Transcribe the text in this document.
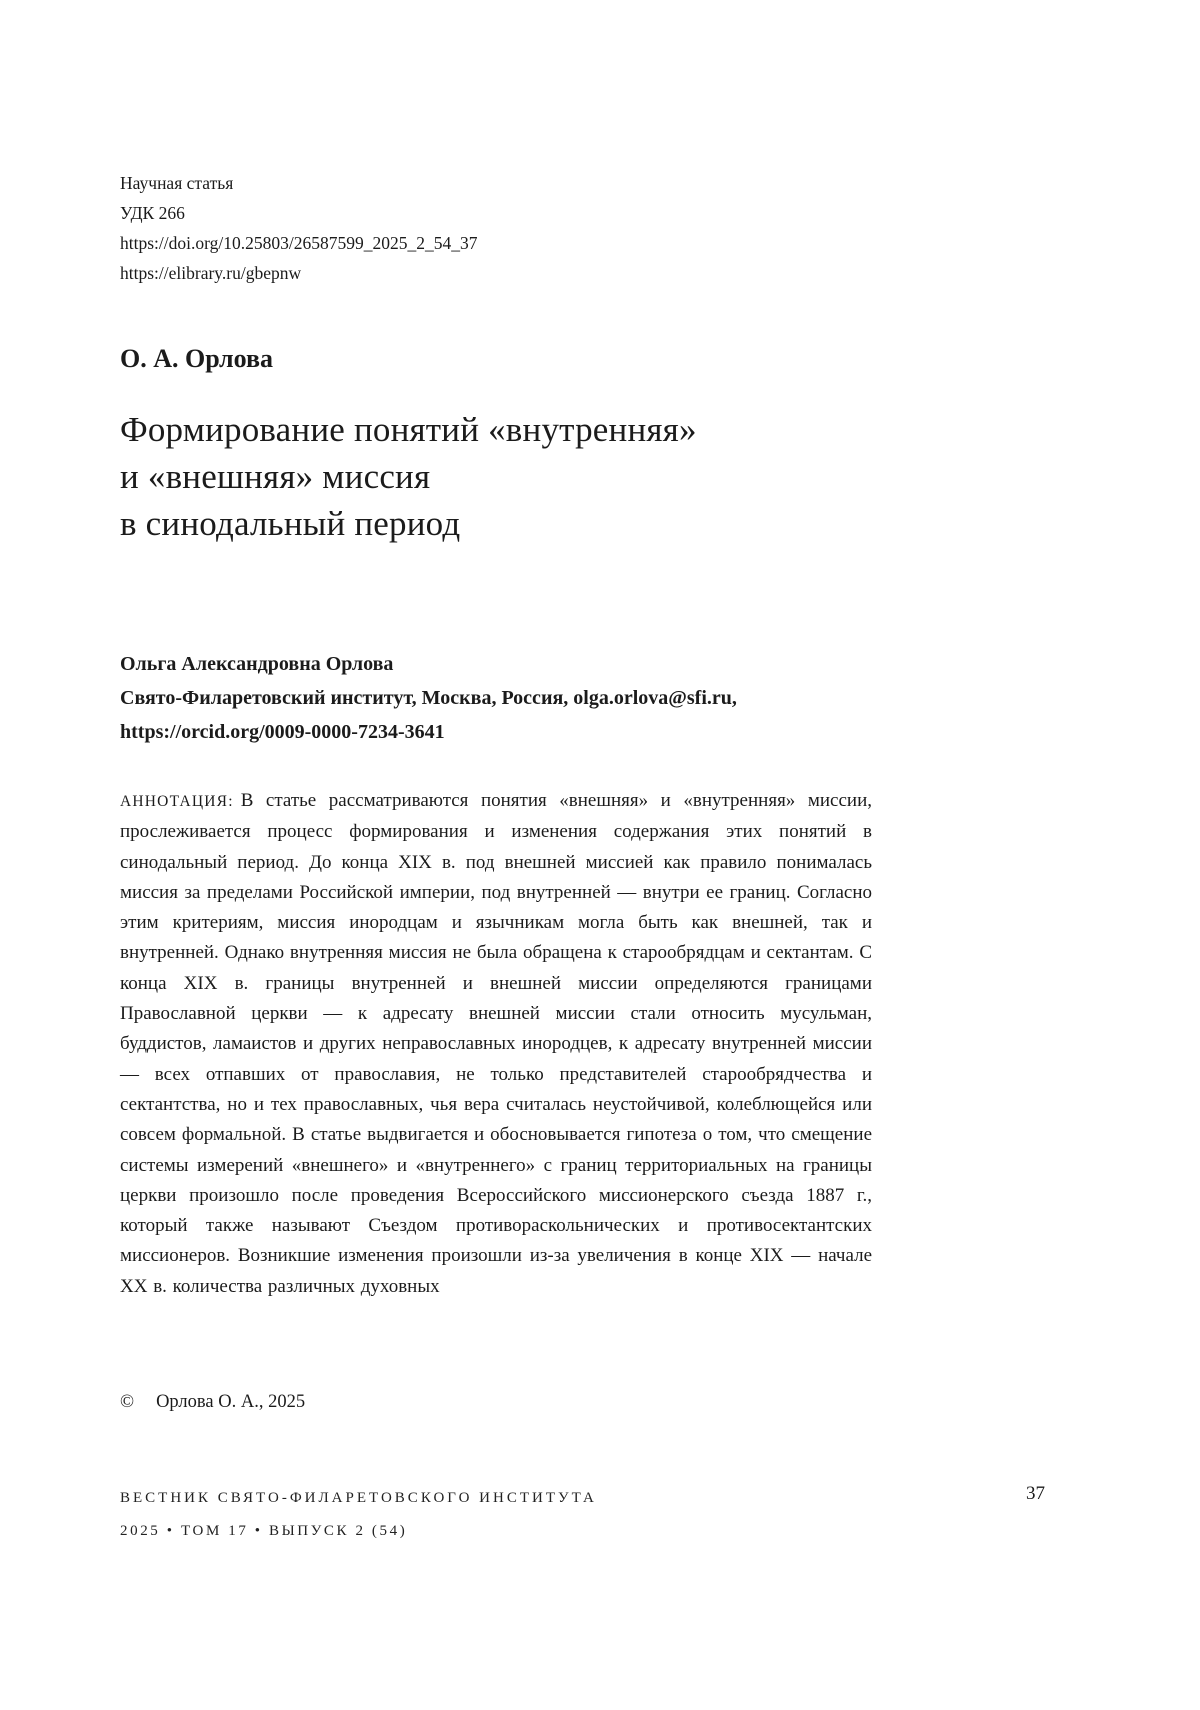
Научная статья
УДК 266
https://doi.org/10.25803/26587599_2025_2_54_37
https://elibrary.ru/gbepnw
О. А. Орлова
Формирование понятий «внутренняя»
и «внешняя» миссия
в синодальный период
Ольга Александровна Орлова
Свято-Филаретовский институт, Москва, Россия, olga.orlova@sfi.ru,
https://orcid.org/0009-0000-7234-3641

АННОТАЦИЯ: В статье рассматриваются понятия «внешняя» и «внутренняя» миссии, прослеживается процесс формирования и изменения содержания этих понятий в синодальный период. До конца XIX в. под внешней миссией как правило понималась миссия за пределами Российской империи, под внутренней — внутри ее границ. Согласно этим критериям, миссия инородцам и язычникам могла быть как внешней, так и внутренней. Однако внутренняя миссия не была обращена к старообрядцам и сектантам. С конца XIX в. границы внутренней и внешней миссии определяются границами Православной церкви — к адресату внешней миссии стали относить мусульман, буддистов, ламаистов и других неправославных инородцев, к адресату внутренней миссии — всех отпавших от православия, не только представителей старообрядчества и сектантства, но и тех православных, чья вера считалась неустойчивой, колеблющейся или совсем формальной. В статье выдвигается и обосновывается гипотеза о том, что смещение системы измерений «внешнего» и «внутреннего» с границ территориальных на границы церкви произошло после проведения Всероссийского миссионерского съезда 1887 г., который также называют Съездом противораскольнических и противосектантских миссионеров. Возникшие изменения произошли из-за увеличения в конце XIX — начале XX в. количества различных духовных

© Орлова О. А., 2025
ВЕСТНИК СВЯТО-ФИЛАРЕТОВСКОГО ИНСТИТУТА
2025 • ТОМ 17 • ВЫПУСК 2 (54)
37
